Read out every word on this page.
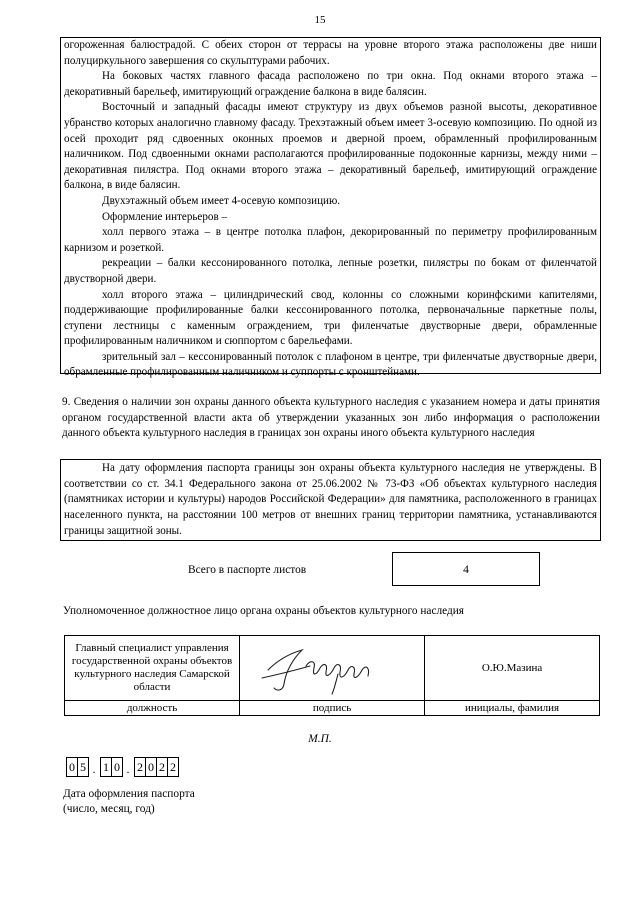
15

огороженная балюстрадой. С обеих сторон от террасы на уровне второго этажа расположены две ниши полуциркульного завершения со скульптурами рабочих.

На боковых частях главного фасада расположено по три окна. Под окнами второго этажа – декоративный барельеф, имитирующий ограждение балкона в виде балясин.

Восточный и западный фасады имеют структуру из двух объемов разной высоты, декоративное убранство которых аналогично главному фасаду. Трехэтажный объем имеет 3-осевую композицию. По одной из осей проходит ряд сдвоенных оконных проемов и дверной проем, обрамленный профилированным наличником. Под сдвоенными окнами располагаются профилированные подоконные карнизы, между ними – декоративная пилястра. Под окнами второго этажа – декоративный барельеф, имитирующий ограждение балкона, в виде балясин.

Двухэтажный объем имеет 4-осевую композицию.

Оформление интерьеров –

холл первого этажа – в центре потолка плафон, декорированный по периметру профилированным карнизом и розеткой.

рекреации – балки кессонированного потолка, лепные розетки, пилястры по бокам от филенчатой двустворной двери.

холл второго этажа – цилиндрический свод, колонны со сложными коринфскими капителями, поддерживающие профилированные балки кессонированного потолка, первоначальные паркетные полы, ступени лестницы с каменным ограждением, три филенчатые двустворные двери, обрамленные профилированным наличником и сюппортом с барельефами.

зрительный зал – кессонированный потолок с плафоном в центре, три филенчатые двустворные двери, обрамленные профилированным наличником и суппорты с кронштейнами.

9. Сведения о наличии зон охраны данного объекта культурного наследия с указанием номера и даты принятия органом государственной власти акта об утверждении указанных зон либо информация о расположении данного объекта культурного наследия в границах зон охраны иного объекта культурного наследия

На дату оформления паспорта границы зон охраны объекта культурного наследия не утверждены. В соответствии со ст. 34.1 Федерального закона от 25.06.2002 № 73-ФЗ «Об объектах культурного наследия (памятниках истории и культуры) народов Российской Федерации» для памятника, расположенного в границах населенного пункта, на расстоянии 100 метров от внешних границ территории памятника, устанавливаются границы защитной зоны.

Всего в паспорте листов	4
Уполномоченное должностное лицо органа охраны объектов культурного наследия
Главный специалист управления государственной охраны объектов культурного наследия Самарской области		О.Ю.Мазина
должность	подпись	инициалы, фамилия
М.П.
0 5 . 1 0 . 2 0 2 2
Дата оформления паспорта
(число, месяц, год)
